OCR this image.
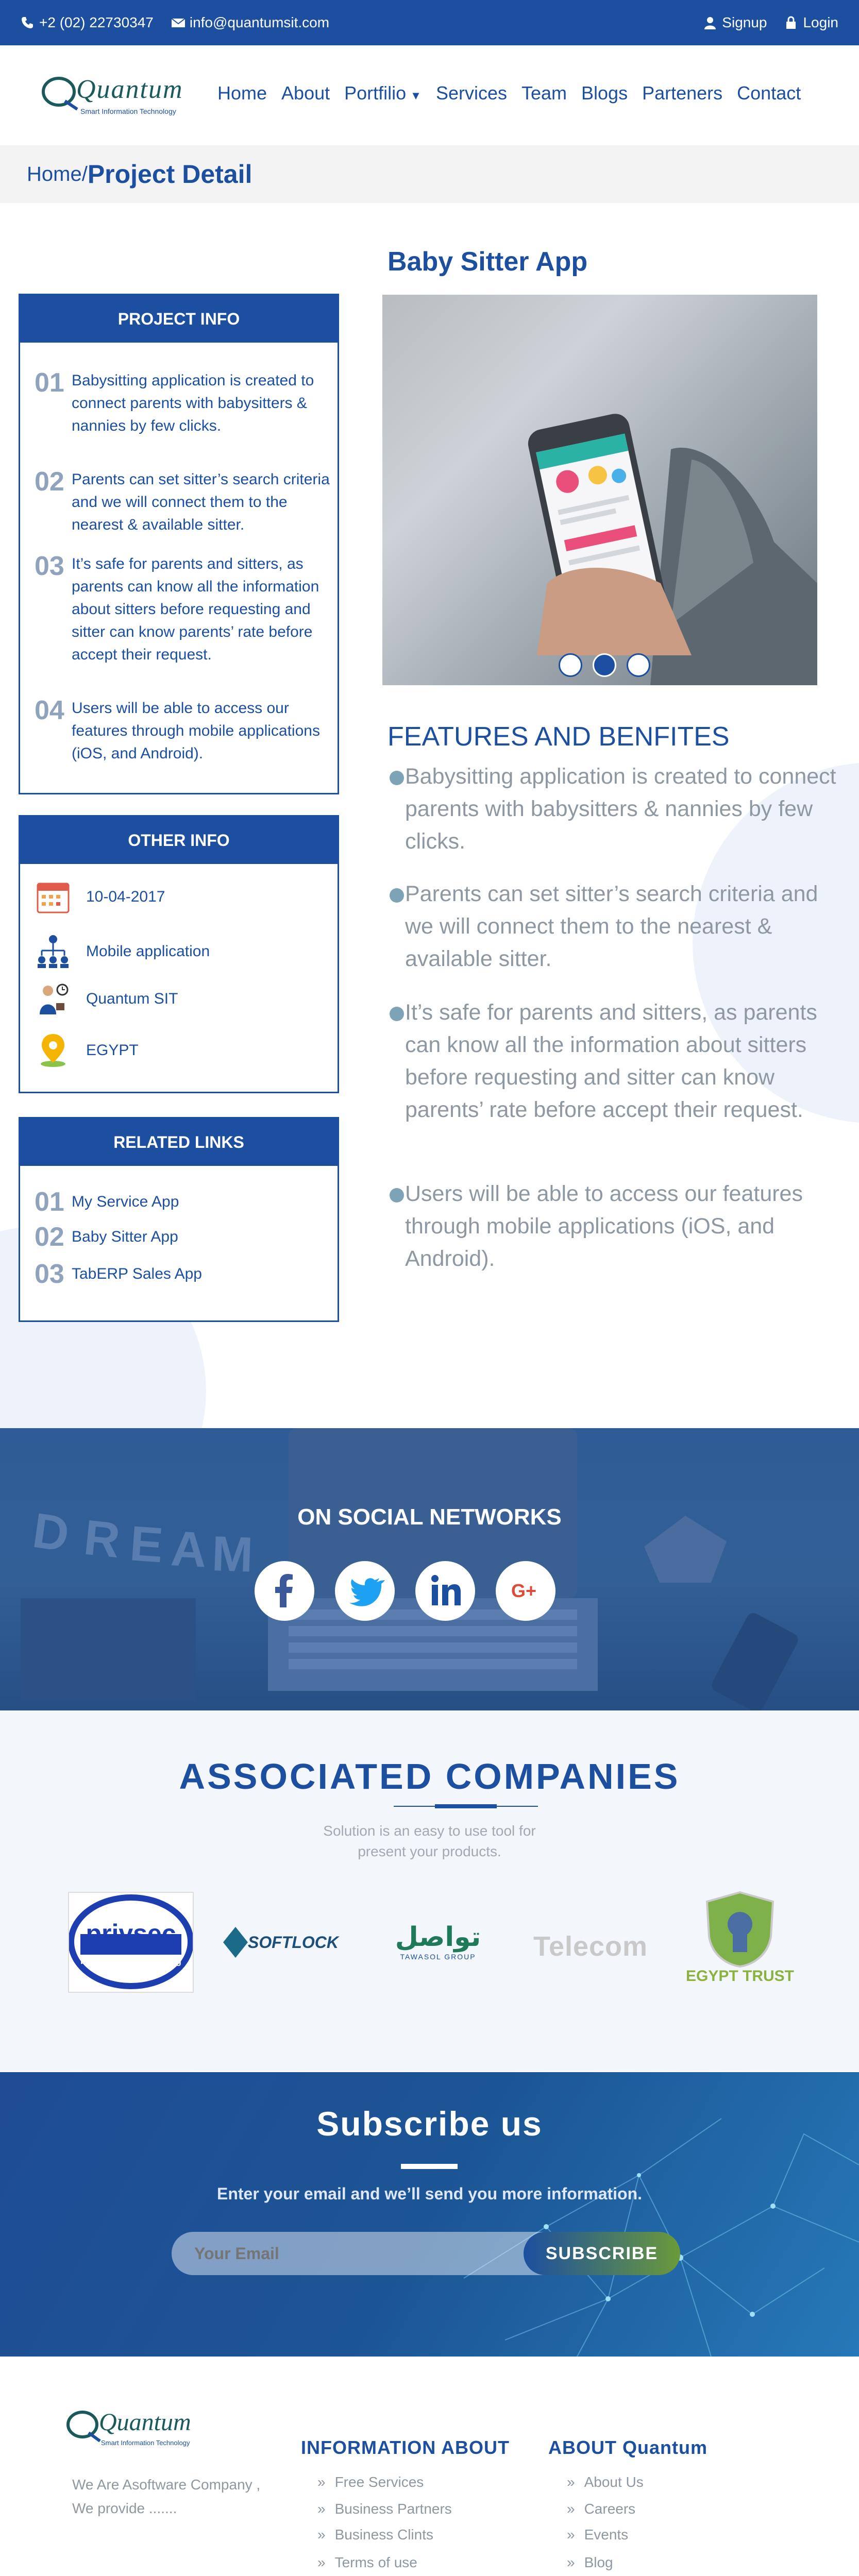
+2 (02) 22730347	info@quantumsit.com	Signup	Login
Quantum
Smart Information Technology
Home About Portfilio ▼ Services Team Blogs Parteners Contact
Home/ Project Detail
Baby Sitter App
PROJECT INFO
01 Babysitting application is created to connect parents with babysitters & nannies by few clicks.
02 Parents can set sitter’s search criteria and we will connect them to the nearest & available sitter.
03 It’s safe for parents and sitters, as parents can know all the information about sitters before requesting and sitter can know parents’ rate before accept their request.
04 Users will be able to access our features through mobile applications (iOS, and Android).
OTHER INFO
10-04-2017
Mobile application
Quantum SIT
EGYPT
RELATED LINKS
01 My Service App
02 Baby Sitter App
03 TabERP Sales App
FEATURES AND BENFITES
Babysitting application is created to connect parents with babysitters & nannies by few clicks.
Parents can set sitter’s search criteria and we will connect them to the nearest & available sitter.
It’s safe for parents and sitters, as parents can know all the information about sitters before requesting and sitter can know parents’ rate before accept their request.
Users will be able to access our features through mobile applications (iOS, and Android).
D R E A M
ON SOCIAL NETWORKS
G+
ASSOCIATED COMPANIES
Solution is an easy to use tool for
present your products.
privsec
IT Solutions & Training
SOFTLOCK تواصل
TAWASOL GROUP Telecom
EGYPT TRUST
Subscribe us
Enter your email and we’ll send you more information.
Your Email
SUBSCRIBE
Quantum
Smart Information Technology
We Are Asoftware Company ,
We provide .......
INFORMATION ABOUT
» Free Services
» Business Partners
» Business Clints
» Terms of use
ABOUT Quantum
» About Us
» Careers
» Events
» Blog
